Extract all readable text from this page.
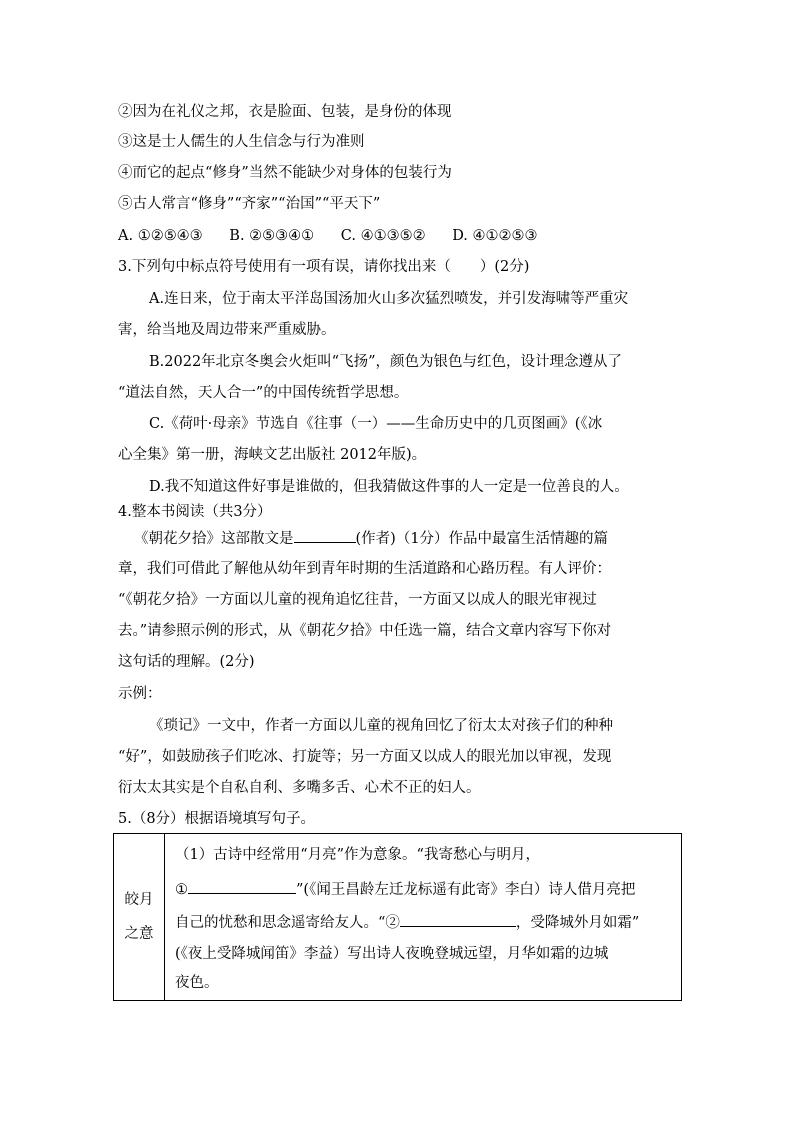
②因为在礼仪之邦，衣是脸面、包装，是身份的体现
③这是士人儒生的人生信念与行为准则
④而它的起点“修身”当然不能缺少对身体的包装行为
⑤古人常言“修身”“齐家”“治国”“平天下”
A. ①②⑤④③ B. ②⑤③④① C. ④①③⑤② D. ④①②⑤③
3.下列句中标点符号使用有一项有误，请你找出来（　　）(2分)
A.连日来，位于南太平洋岛国汤加火山多次猛烈喷发，并引发海啸等严重灾
害，给当地及周边带来严重威胁。
B.2022年北京冬奥会火炬叫“飞扬”，颜色为银色与红色，设计理念遵从了
“道法自然，天人合一”的中国传统哲学思想。
C.《荷叶·母亲》节选自《往事（一）——生命历史中的几页图画》(《冰
心全集》第一册，海峡文艺出版社 2012年版)。
D.我不知道这件好事是谁做的，但我猜做这件事的人一定是一位善良的人。
4.整本书阅读（共3分）
《朝花夕拾》这部散文是	(作者)（1分）作品中最富生活情趣的篇
章，我们可借此了解他从幼年到青年时期的生活道路和心路历程。有人评价：
“《朝花夕拾》一方面以儿童的视角追忆往昔，一方面又以成人的眼光审视过
去。”请参照示例的形式，从《朝花夕拾》中任选一篇，结合文章内容写下你对
这句话的理解。(2分)
示例：
《琐记》一文中，作者一方面以儿童的视角回忆了衍太太对孩子们的种种
“好”，如鼓励孩子们吃冰、打旋等；另一方面又以成人的眼光加以审视，发现
衍太太其实是个自私自利、多嘴多舌、心术不正的妇人。
5.（8分）根据语境填写句子。
皎月
之意

（1）古诗中经常用“月亮”作为意象。“我寄愁心与明月，
①	”(《闻王昌龄左迁龙标遥有此寄》李白）诗人借月亮把
自己的忧愁和思念遥寄给友人。“②	，受降城外月如霜”
(《夜上受降城闻笛》李益）写出诗人夜晚登城远望，月华如霜的边城
夜色。
